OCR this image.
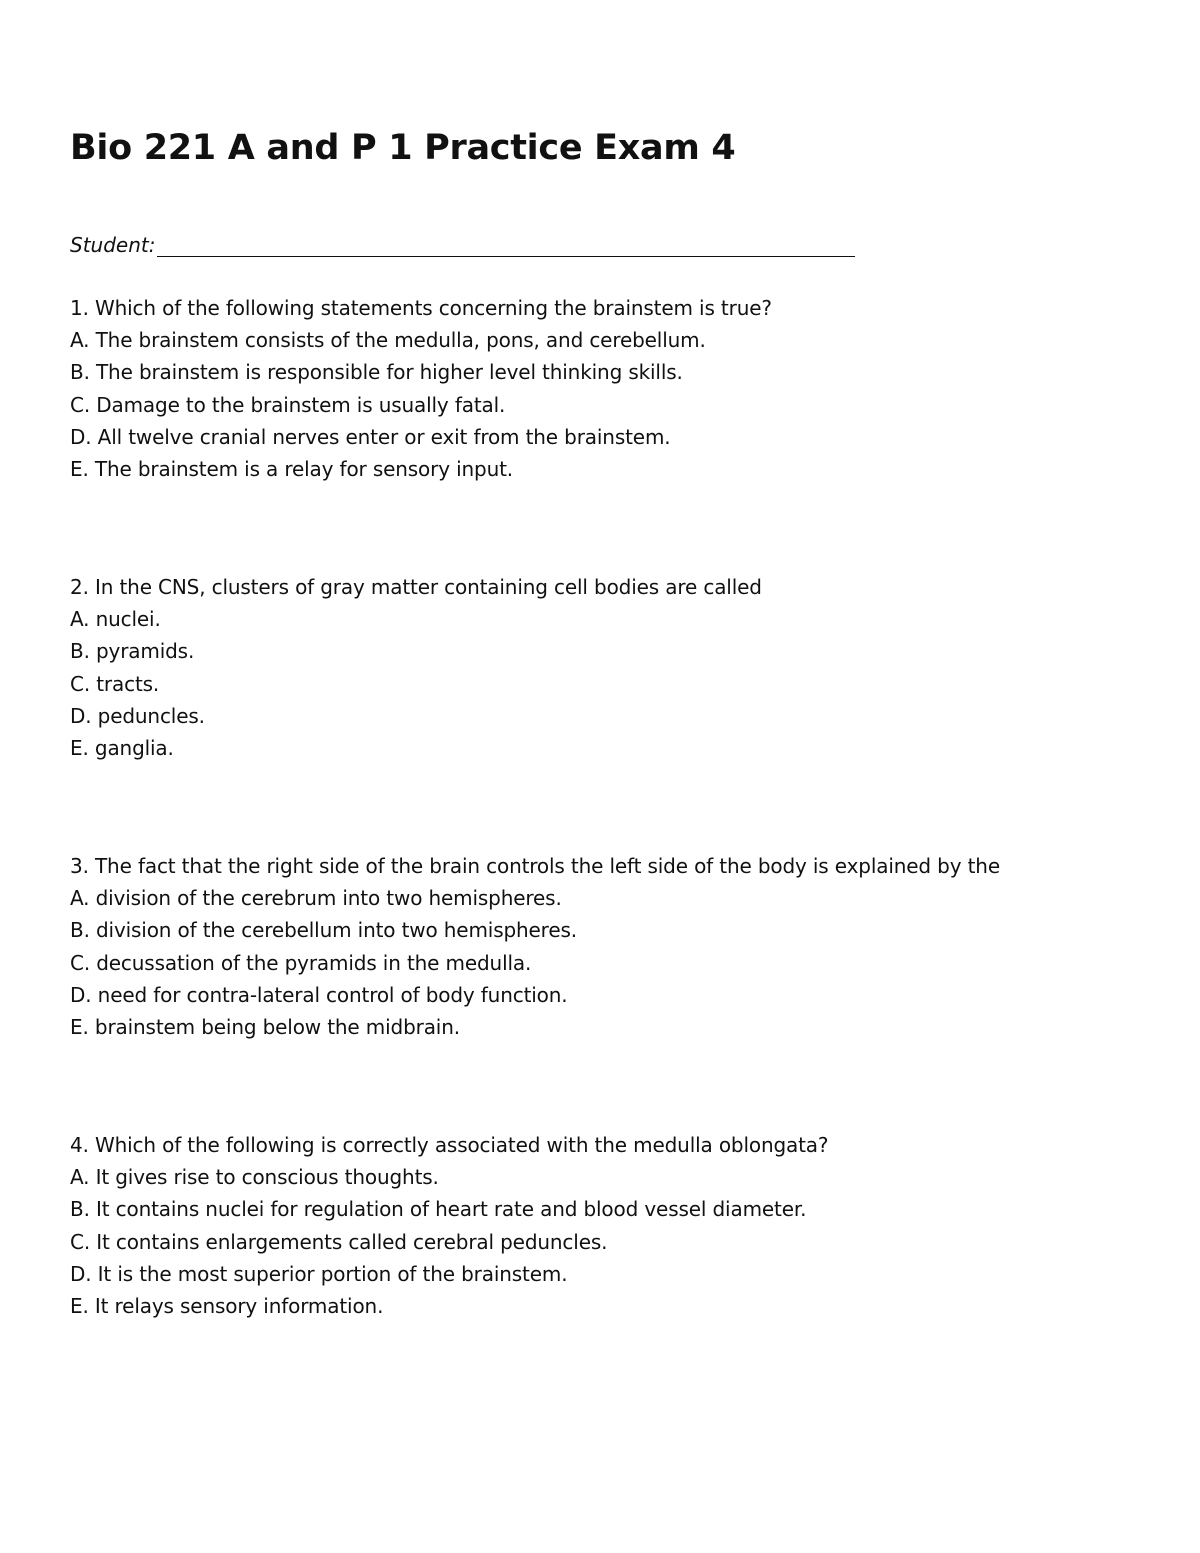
Bio 221 A and P 1 Practice Exam 4
Student:
1. Which of the following statements concerning the brainstem is true?
A. The brainstem consists of the medulla, pons, and cerebellum.
B. The brainstem is responsible for higher level thinking skills.
C. Damage to the brainstem is usually fatal.
D. All twelve cranial nerves enter or exit from the brainstem.
E. The brainstem is a relay for sensory input.
2. In the CNS, clusters of gray matter containing cell bodies are called
A. nuclei.
B. pyramids.
C. tracts.
D. peduncles.
E. ganglia.
3. The fact that the right side of the brain controls the left side of the body is explained by the
A. division of the cerebrum into two hemispheres.
B. division of the cerebellum into two hemispheres.
C. decussation of the pyramids in the medulla.
D. need for contra-lateral control of body function.
E. brainstem being below the midbrain.
4. Which of the following is correctly associated with the medulla oblongata?
A. It gives rise to conscious thoughts.
B. It contains nuclei for regulation of heart rate and blood vessel diameter.
C. It contains enlargements called cerebral peduncles.
D. It is the most superior portion of the brainstem.
E. It relays sensory information.
